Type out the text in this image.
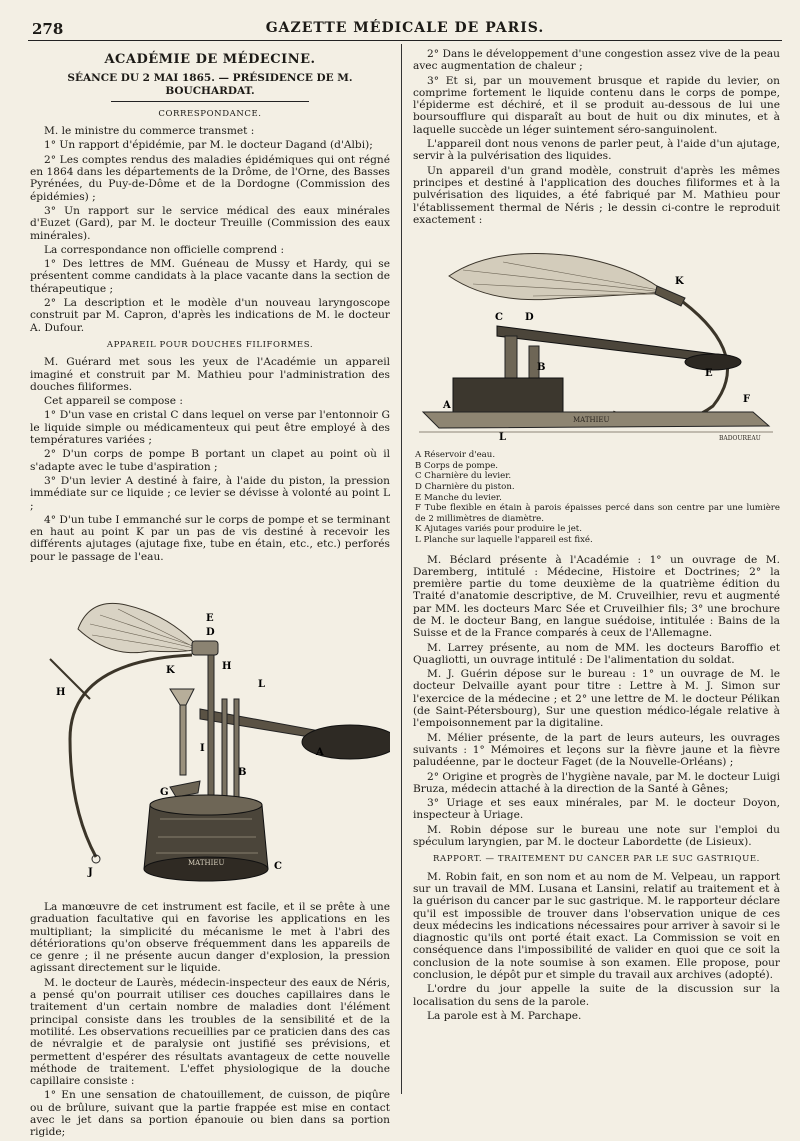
278	GAZETTE MÉDICALE DE PARIS.
ACADÉMIE DE MÉDECINE.
SÉANCE DU 2 MAI 1865. — PRÉSIDENCE DE M. BOUCHARDAT.
CORRESPONDANCE.

M. le ministre du commerce transmet :

1° Un rapport d'épidémie, par M. le docteur Dagand (d'Albi);

2° Les comptes rendus des maladies épidémiques qui ont régné en 1864 dans les départements de la Drôme, de l'Orne, des Basses Pyrénées, du Puy-de-Dôme et de la Dordogne (Commission des épidémies) ;

3° Un rapport sur le service médical des eaux minérales d'Euzet (Gard), par M. le docteur Treuille (Commission des eaux minérales).

La correspondance non officielle comprend :

1° Des lettres de MM. Guéneau de Mussy et Hardy, qui se présentent comme candidats à la place vacante dans la section de thérapeutique ;

2° La description et le modèle d'un nouveau laryngoscope construit par M. Capron, d'après les indications de M. le docteur A. Dufour.

APPAREIL POUR DOUCHES FILIFORMES.

M. Guérard met sous les yeux de l'Académie un appareil imaginé et construit par M. Mathieu pour l'administration des douches filiformes.

Cet appareil se compose :

1° D'un vase en cristal C dans lequel on verse par l'entonnoir G le liquide simple ou médicamenteux qui peut être employé à des températures variées ;

2° D'un corps de pompe B portant un clapet au point où il s'adapte avec le tube d'aspiration ;

3° D'un levier A destiné à faire, à l'aide du piston, la pression immédiate sur ce liquide ; ce levier se dévisse à volonté au point L ;

4° D'un tube I emmanché sur le corps de pompe et se terminant en haut au point K par un pas de vis destiné à recevoir les différents ajutages (ajutage fixe, tube en étain, etc., etc.) perforés pour le passage de l'eau.

E
D
K	H
L
B
I	A
G
J
C
H
MATHIEU

La manœuvre de cet instrument est facile, et il se prête à une graduation facultative qui en favorise les applications en les multipliant; la simplicité du mécanisme le met à l'abri des détériorations qu'on observe fréquemment dans les appareils de ce genre ; il ne présente aucun danger d'explosion, la pression agissant directement sur le liquide.

M. le docteur de Laurès, médecin-inspecteur des eaux de Néris, a pensé qu'on pourrait utiliser ces douches capillaires dans le traitement d'un certain nombre de maladies dont l'élément principal consiste dans les troubles de la sensibilité et de la motilité. Les observations recueillies par ce praticien dans des cas de névralgie et de paralysie ont justifié ses prévisions, et permettent d'espérer des résultats avantageux de cette nouvelle méthode de traitement. L'effet physiologique de la douche capillaire consiste :

1° En une sensation de chatouillement, de cuisson, de piqûre ou de brûlure, suivant que la partie frappée est mise en contact avec le jet dans sa portion épanouie ou bien dans sa portion rigide;

2° Dans le développement d'une congestion assez vive de la peau avec augmentation de chaleur ;

3° Et si, par un mouvement brusque et rapide du levier, on comprime fortement le liquide contenu dans le corps de pompe, l'épiderme est déchiré, et il se produit au-dessous de lui une boursoufflure qui disparaît au bout de huit ou dix minutes, et à laquelle succède un léger suintement séro-sanguinolent.

L'appareil dont nous venons de parler peut, à l'aide d'un ajutage, servir à la pulvérisation des liquides.

Un appareil d'un grand modèle, construit d'après les mêmes principes et destiné à l'application des douches filiformes et à la pulvérisation des liquides, a été fabriqué par M. Mathieu pour l'établissement thermal de Néris ; le dessin ci-contre le reproduit exactement :

C D
B
A
E
F
K
L
MATHIEU
BADOUREAU
A Réservoir d'eau.
B Corps de pompe.
C Charnière du levier.
D Charnière du piston.
E Manche du levier.
F Tube flexible en étain à parois épaisses percé dans son centre par une lumière de 2 millimètres de diamètre.
K Ajutages variés pour produire le jet.
L Planche sur laquelle l'appareil est fixé.

M. Béclard présente à l'Académie : 1° un ouvrage de M. Daremberg, intitulé : Médecine, Histoire et Doctrines; 2° la première partie du tome deuxième de la quatrième édition du Traité d'anatomie descriptive, de M. Cruveilhier, revu et augmenté par MM. les docteurs Marc Sée et Cruveilhier fils; 3° une brochure de M. le docteur Bang, en langue suédoise, intitulée : Bains de la Suisse et de la France comparés à ceux de l'Allemagne.

M. Larrey présente, au nom de MM. les docteurs Baroffio et Quagliotti, un ouvrage intitulé : De l'alimentation du soldat.

M. J. Guérin dépose sur le bureau : 1° un ouvrage de M. le docteur Delvaille ayant pour titre : Lettre à M. J. Simon sur l'exercice de la médecine ; et 2° une lettre de M. le docteur Pélikan (de Saint-Pétersbourg), Sur une question médico-légale relative à l'empoisonnement par la digitaline.

M. Mélier présente, de la part de leurs auteurs, les ouvrages suivants : 1° Mémoires et leçons sur la fièvre jaune et la fièvre paludéenne, par le docteur Faget (de la Nouvelle-Orléans) ;

2° Origine et progrès de l'hygiène navale, par M. le docteur Luigi Bruza, médecin attaché à la direction de la Santé à Gênes;

3° Uriage et ses eaux minérales, par M. le docteur Doyon, inspecteur à Uriage.

M. Robin dépose sur le bureau une note sur l'emploi du spéculum laryngien, par M. le docteur Labordette (de Lisieux).

RAPPORT. — TRAITEMENT DU CANCER PAR LE SUC GASTRIQUE.

M. Robin fait, en son nom et au nom de M. Velpeau, un rapport sur un travail de MM. Lusana et Lansini, relatif au traitement et à la guérison du cancer par le suc gastrique. M. le rapporteur déclare qu'il est impossible de trouver dans l'observation unique de ces deux médecins les indications nécessaires pour arriver à savoir si le diagnostic qu'ils ont porté était exact. La Commission se voit en conséquence dans l'impossibilité de valider en quoi que ce soit la conclusion de la note soumise à son examen. Elle propose, pour conclusion, le dépôt pur et simple du travail aux archives (adopté).

L'ordre du jour appelle la suite de la discussion sur la localisation du sens de la parole.

La parole est à M. Parchape.
